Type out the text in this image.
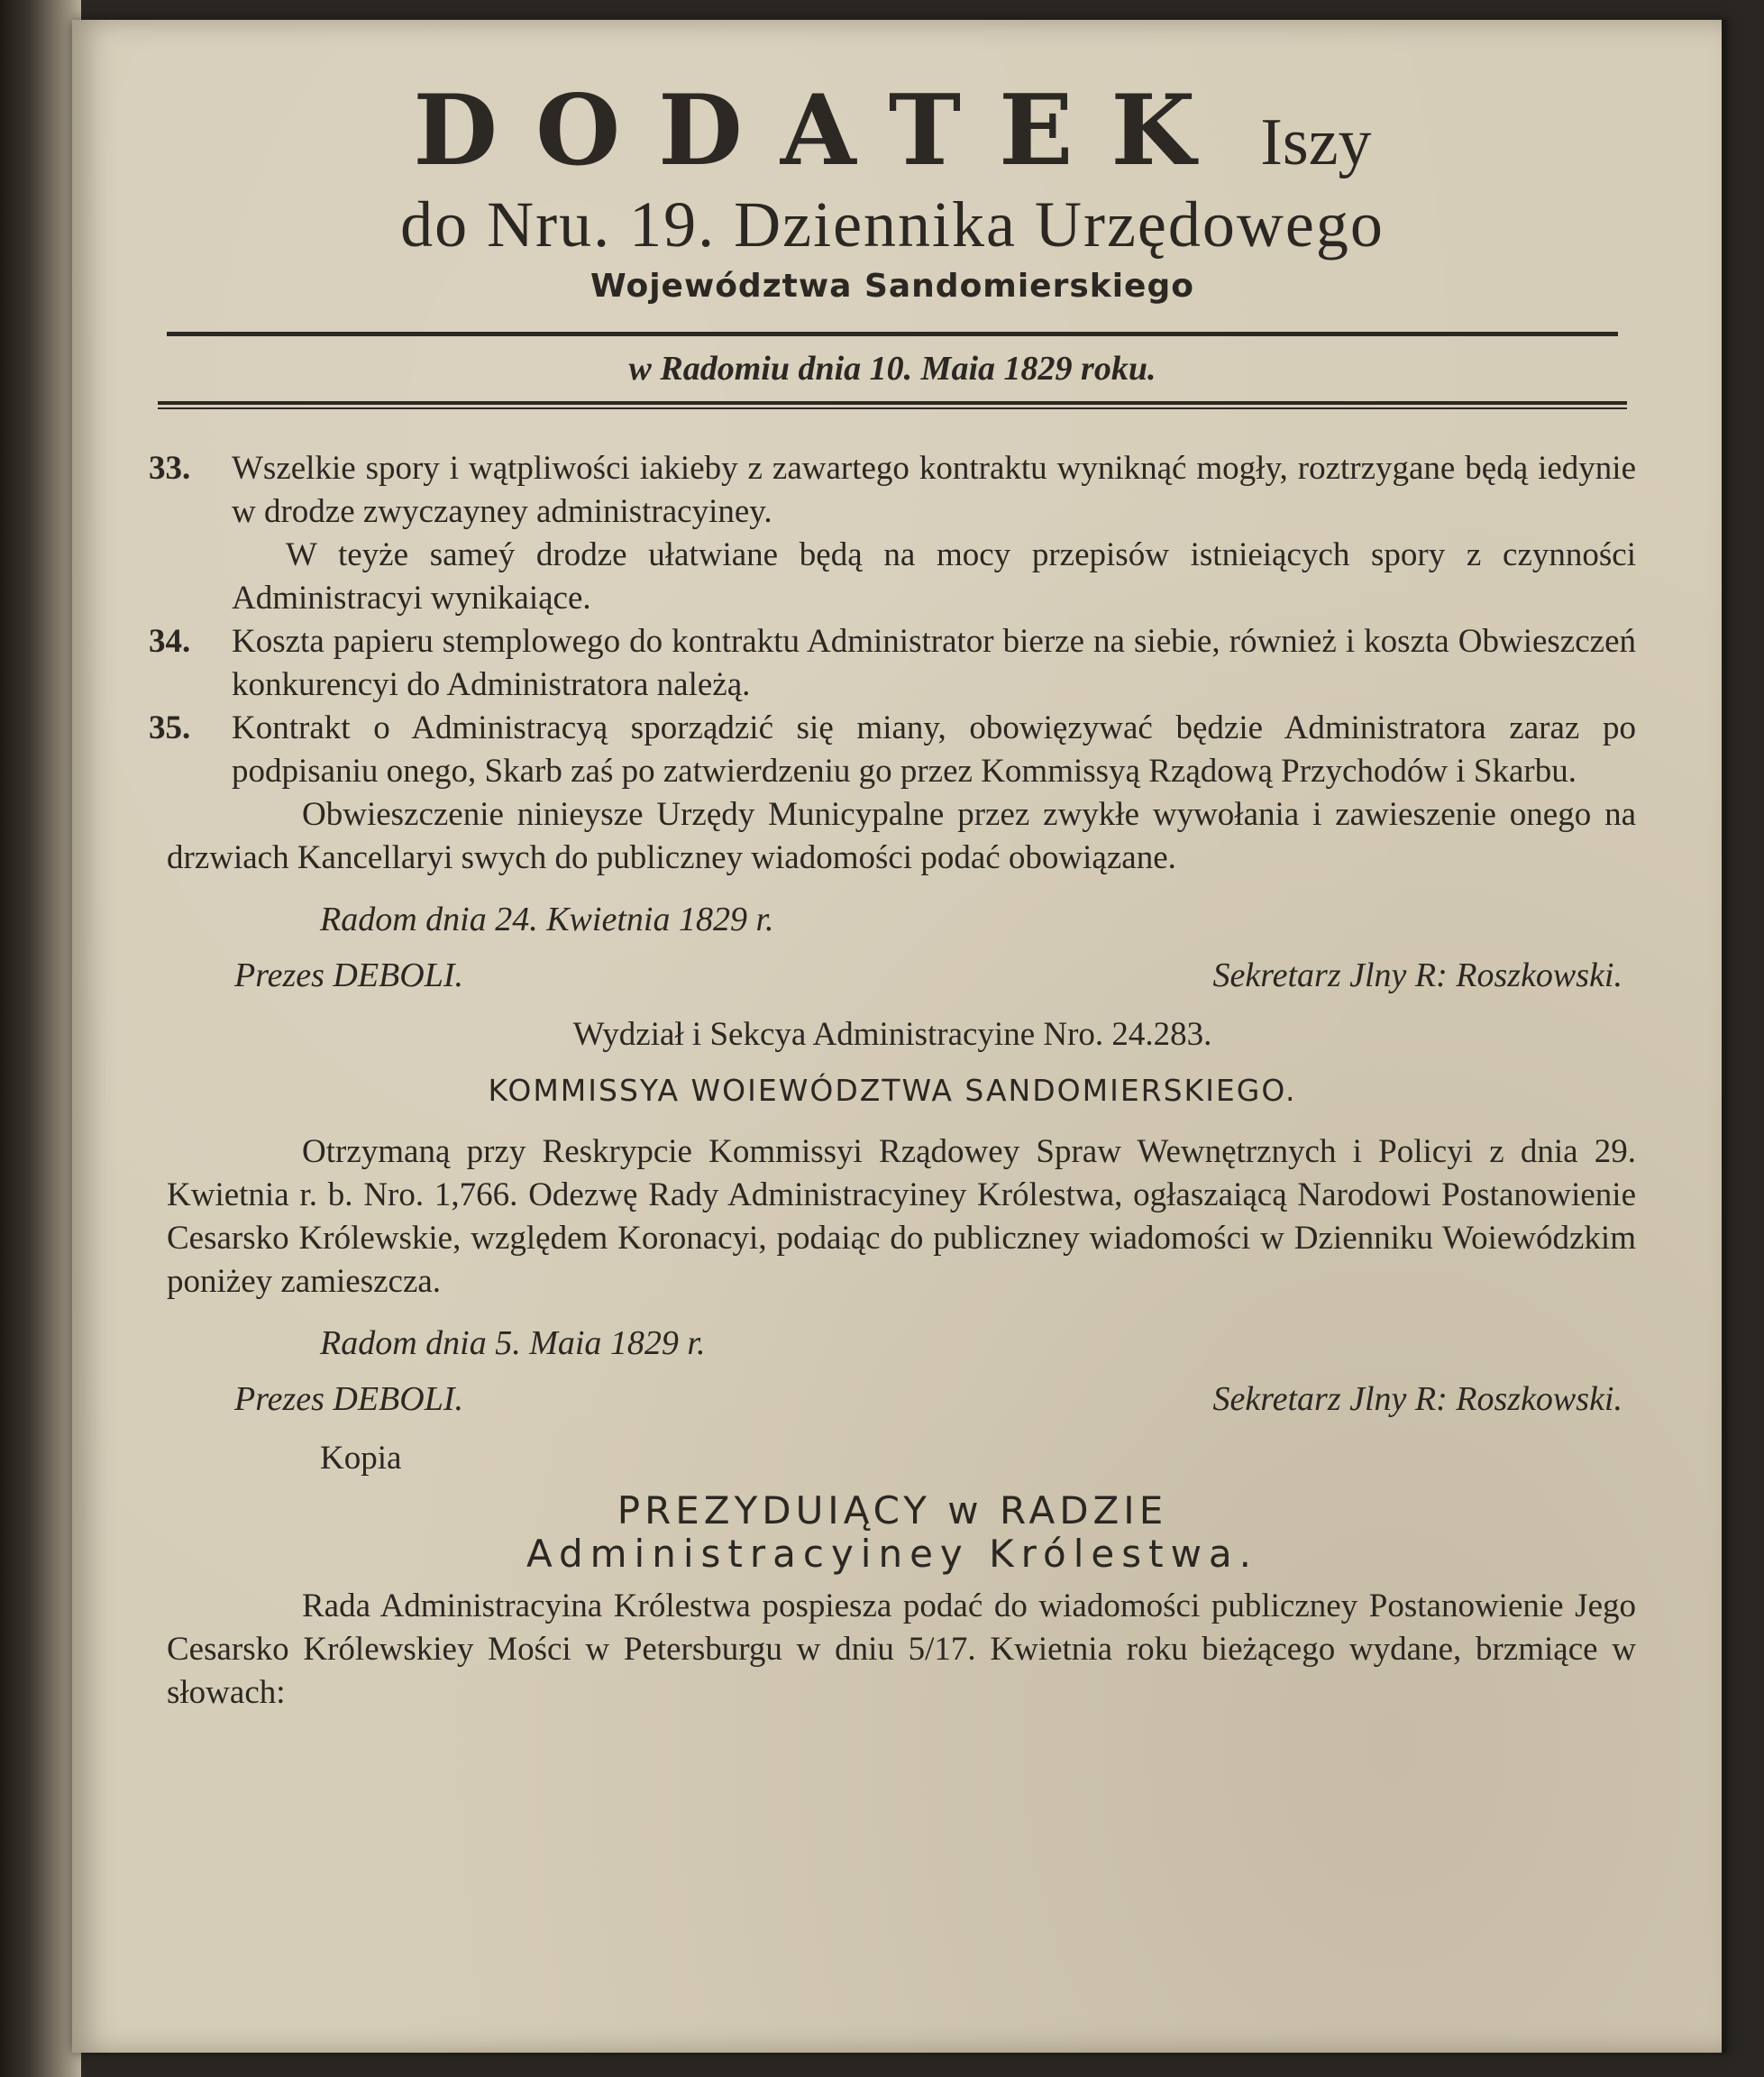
DODATEK Iszy
do Nru. 19. Dziennika Urzędowego
Województwa Sandomierskiego
w Radomiu dnia 10. Maia 1829 roku.
33.	Wszelkie spory i wątpliwości iakieby z zawartego kontraktu wyniknąć mogły, roztrzygane będą iedynie w drodze zwyczayney administracyiney.

W teyże sameý drodze ułatwiane będą na mocy przepisów istnieiących spory z czynności Administracyi wynikaiące.

34.	Koszta papieru stemplowego do kontraktu Administrator bierze na siebie, również i koszta Obwieszczeń konkurencyi do Administratora należą.
35.	Kontrakt o Administracyą sporządzić się miany, obowięzywać będzie Administratora zaraz po podpisaniu onego, Skarb zaś po zatwierdzeniu go przez Kommissyą Rządową Przychodów i Skarbu.

Obwieszczenie ninieysze Urzędy Municypalne przez zwykłe wywołania i zawieszenie onego na drzwiach Kancellaryi swych do publiczney wiadomości podać obowiązane.

Radom dnia 24. Kwietnia 1829 r.
Prezes DEBOLI.	Sekretarz Jlny R: Roszkowski.
Wydział i Sekcya Administracyine Nro. 24.283.
KOMMISSYA WOIEWÓDZTWA SANDOMIERSKIEGO.

Otrzymaną przy Reskrypcie Kommissyi Rządowey Spraw Wewnętrznych i Policyi z dnia 29. Kwietnia r. b. Nro. 1,766. Odezwę Rady Administracyiney Królestwa, ogłaszaiącą Narodowi Postanowienie Cesarsko Królewskie, względem Koronacyi, podaiąc do publiczney wiadomości w Dzienniku Woiewódzkim poniżey zamieszcza.

Radom dnia 5. Maia 1829 r.
Prezes DEBOLI.	Sekretarz Jlny R: Roszkowski.
Kopia
PREZYDUIĄCY w RADZIE
Administracyiney Królestwa.

Rada Administracyina Królestwa pospiesza podać do wiadomości publiczney Postanowienie Jego Cesarsko Królewskiey Mości w Petersburgu w dniu 5/17. Kwietnia roku bieżącego wydane, brzmiące w słowach:
